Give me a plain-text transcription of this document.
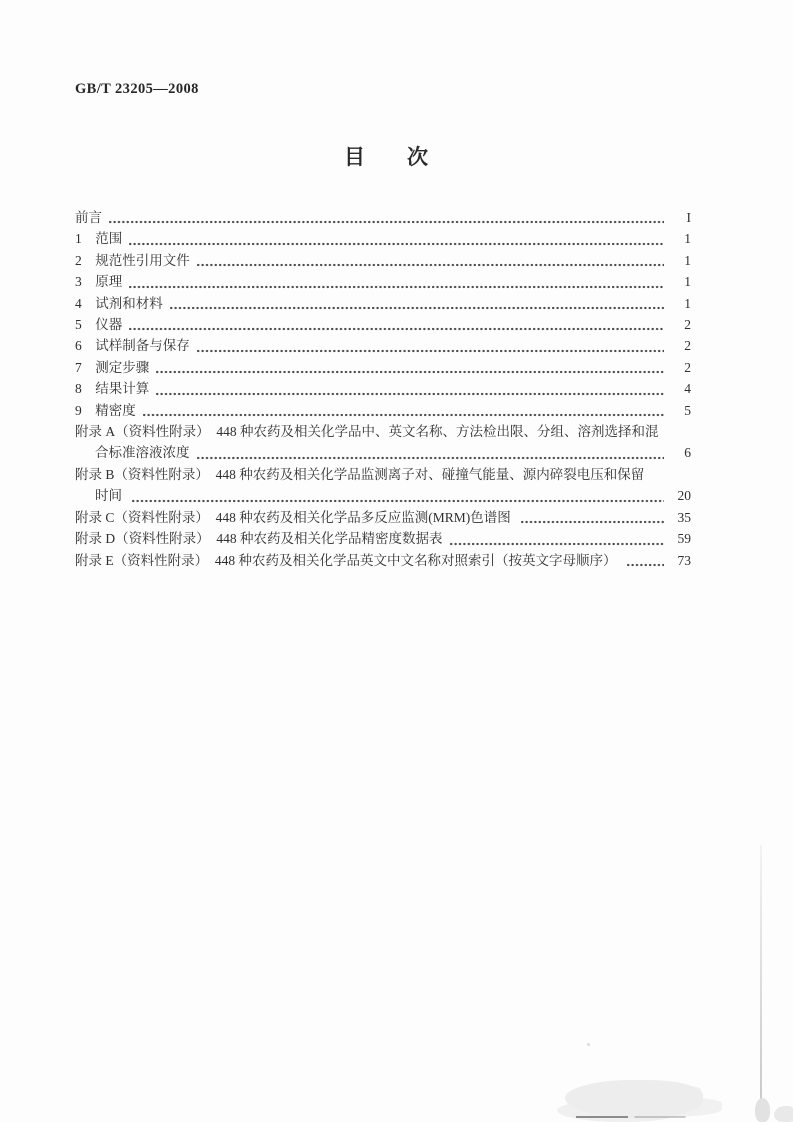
GB/T 23205—2008
目　　次
前言	I
1　范围	1
2　规范性引用文件	1
3　原理	1
4　试剂和材料	1
5　仪器	2
6　试样制备与保存	2
7　测定步骤	2
8　结果计算	4
9　精密度	5
附录 A（资料性附录）　448 种农药及相关化学品中、英文名称、方法检出限、分组、溶剂选择和混
合标准溶液浓度	6
附录 B（资料性附录）　448 种农药及相关化学品监测离子对、碰撞气能量、源内碎裂电压和保留
时间	20
附录 C（资料性附录）　448 种农药及相关化学品多反应监测(MRM)色谱图	35
附录 D（资料性附录）　448 种农药及相关化学品精密度数据表	59
附录 E（资料性附录）　448 种农药及相关化学品英文中文名称对照索引（按英文字母顺序）	73
